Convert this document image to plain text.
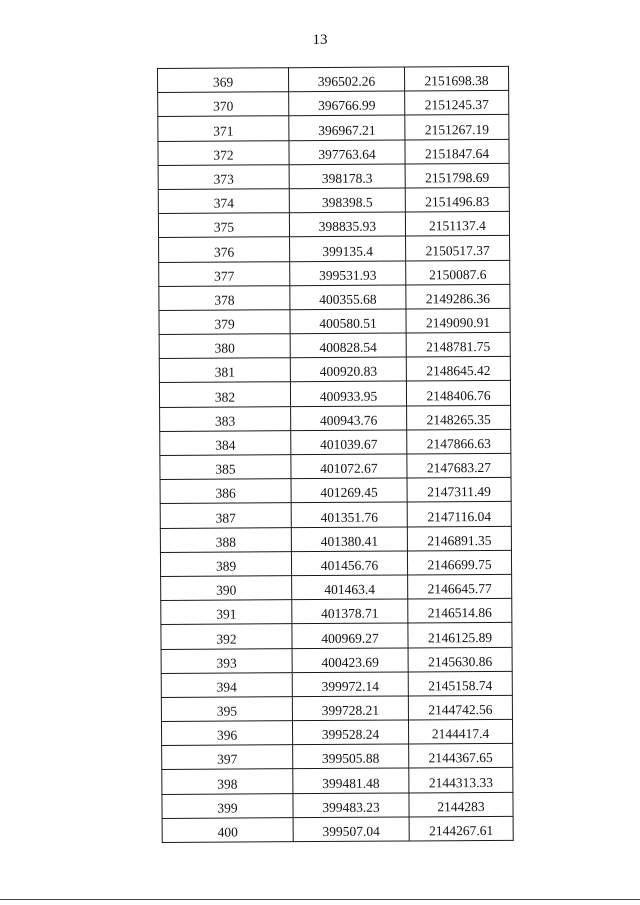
13
369	396502.26	2151698.38
370	396766.99	2151245.37
371	396967.21	2151267.19
372	397763.64	2151847.64
373	398178.3	2151798.69
374	398398.5	2151496.83
375	398835.93	2151137.4
376	399135.4	2150517.37
377	399531.93	2150087.6
378	400355.68	2149286.36
379	400580.51	2149090.91
380	400828.54	2148781.75
381	400920.83	2148645.42
382	400933.95	2148406.76
383	400943.76	2148265.35
384	401039.67	2147866.63
385	401072.67	2147683.27
386	401269.45	2147311.49
387	401351.76	2147116.04
388	401380.41	2146891.35
389	401456.76	2146699.75
390	401463.4	2146645.77
391	401378.71	2146514.86
392	400969.27	2146125.89
393	400423.69	2145630.86
394	399972.14	2145158.74
395	399728.21	2144742.56
396	399528.24	2144417.4
397	399505.88	2144367.65
398	399481.48	2144313.33
399	399483.23	2144283
400	399507.04	2144267.61
